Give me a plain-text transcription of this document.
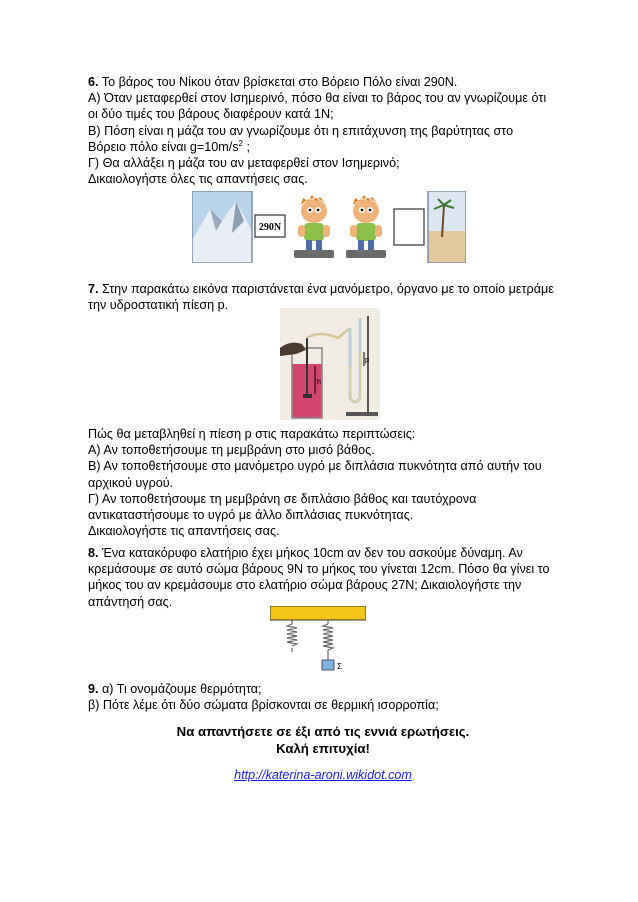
6. Το βάρος του Νίκου όταν βρίσκεται στο Βόρειο Πόλο είναι 290Ν.
Α) Όταν μεταφερθεί στον Ισημερινό, πόσο θα είναι το βάρος του αν γνωρίζουμε ότι
οι δύο τιμές του βάρους διαφέρουν κατά 1Ν;
Β) Πόση είναι η μάζα του αν γνωρίζουμε ότι η επιτάχυνση της βαρύτητας στο
Βόρειο πόλο είναι $g=10m/s^2$ ;
Γ) Θα αλλάξει η μάζα του αν μεταφερθεί στον Ισημερινό;
Δικαιολογήστε όλες τις απαντήσεις σας.
290N
7. Στην παρακάτω εικόνα παριστάνεται ένα μανόμετρο, όργανο με το οποίο μετράμε
την υδροστατική πίεση p.
h
p
Πώς θα μεταβληθεί η πίεση p στις παρακάτω περιπτώσεις:
Α) Αν τοποθετήσουμε τη μεμβράνη στο μισό βάθος.
Β) Αν τοποθετήσουμε στο μανόμετρο υγρό με διπλάσια πυκνότητα από αυτήν του
αρχικού υγρού.
Γ) Αν τοποθετήσουμε τη μεμβράνη σε διπλάσιο βάθος και ταυτόχρονα
αντικαταστήσουμε το υγρό με άλλο διπλάσιας πυκνότητας.
Δικαιολογήστε τις απαντήσεις σας.
8. Ένα κατακόρυφο ελατήριο έχει μήκος 10cm αν δεν του ασκούμε δύναμη. Αν
κρεμάσουμε σε αυτό σώμα βάρους 9Ν το μήκος του γίνεται 12cm. Πόσο θα γίνει το
μήκος του αν κρεμάσουμε στο ελατήριο σώμα βάρους 27Ν; Δικαιολογήστε την
απάντησή σας.
Σ
9. α) Τι ονομάζουμε θερμότητα;
β) Πότε λέμε ότι δύο σώματα βρίσκονται σε θερμική ισορροπία;
Να απαντήσετε σε έξι από τις εννιά ερωτήσεις.
Καλή επιτυχία!
http://katerina-aroni.wikidot.com
